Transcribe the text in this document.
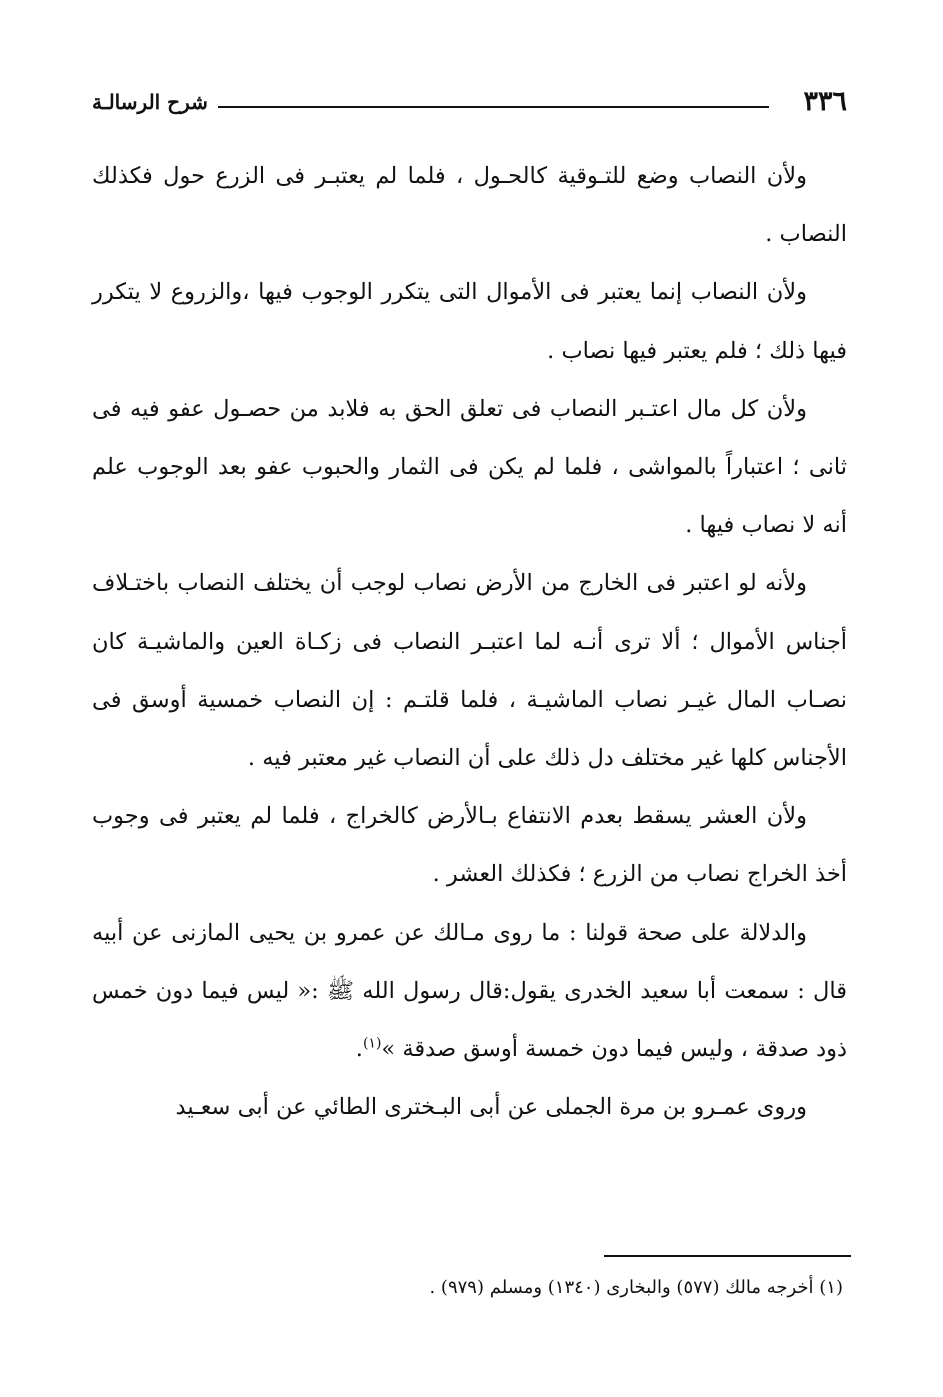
٣٣٦
شرح الرسالـة

ولأن النصاب وضع للتـوقية كالحـول ، فلما لم يعتبـر فى الزرع حول فكذلك النصاب .

ولأن النصاب إنما يعتبر فى الأموال التى يتكرر الوجوب فيها ،والزروع لا يتكرر فيها ذلك ؛ فلم يعتبر فيها نصاب .

ولأن كل مال اعتـبر النصاب فى تعلق الحق به فلابد من حصـول عفو فيه فى ثانى ؛ اعتباراً بالمواشى ، فلما لم يكن فى الثمار والحبوب عفو بعد الوجوب علم أنه لا نصاب فيها .

ولأنه لو اعتبر فى الخارج من الأرض نصاب لوجب أن يختلف النصاب باختـلاف أجناس الأموال ؛ ألا ترى أنـه لما اعتبـر النصاب فى زكـاة العين والماشيـة كان نصـاب المال غيـر نصاب الماشيـة ، فلما قلتـم : إن النصاب خمسية أوسق فى الأجناس كلها غير مختلف دل ذلك على أن النصاب غير معتبر فيه .

ولأن العشر يسقط بعدم الانتفاع بـالأرض كالخراج ، فلما لم يعتبر فى وجوب أخذ الخراج نصاب من الزرع ؛ فكذلك العشر .

والدلالة على صحة قولنا : ما روى مـالك عن عمرو بن يحيى المازنى عن أبيه قال : سمعت أبا سعيد الخدرى يقول:قال رسول الله ﷺ :« ليس فيما دون خمس ذود صدقة ، وليس فيما دون خمسة أوسق صدقة »$^{(١)}$.

وروى عمـرو بن مرة الجملى عن أبى البـخترى الطائي عن أبى سعـيد

(١) أخرجه مالك (٥٧٧) والبخارى (١٣٤٠) ومسلم (٩٧٩) .
